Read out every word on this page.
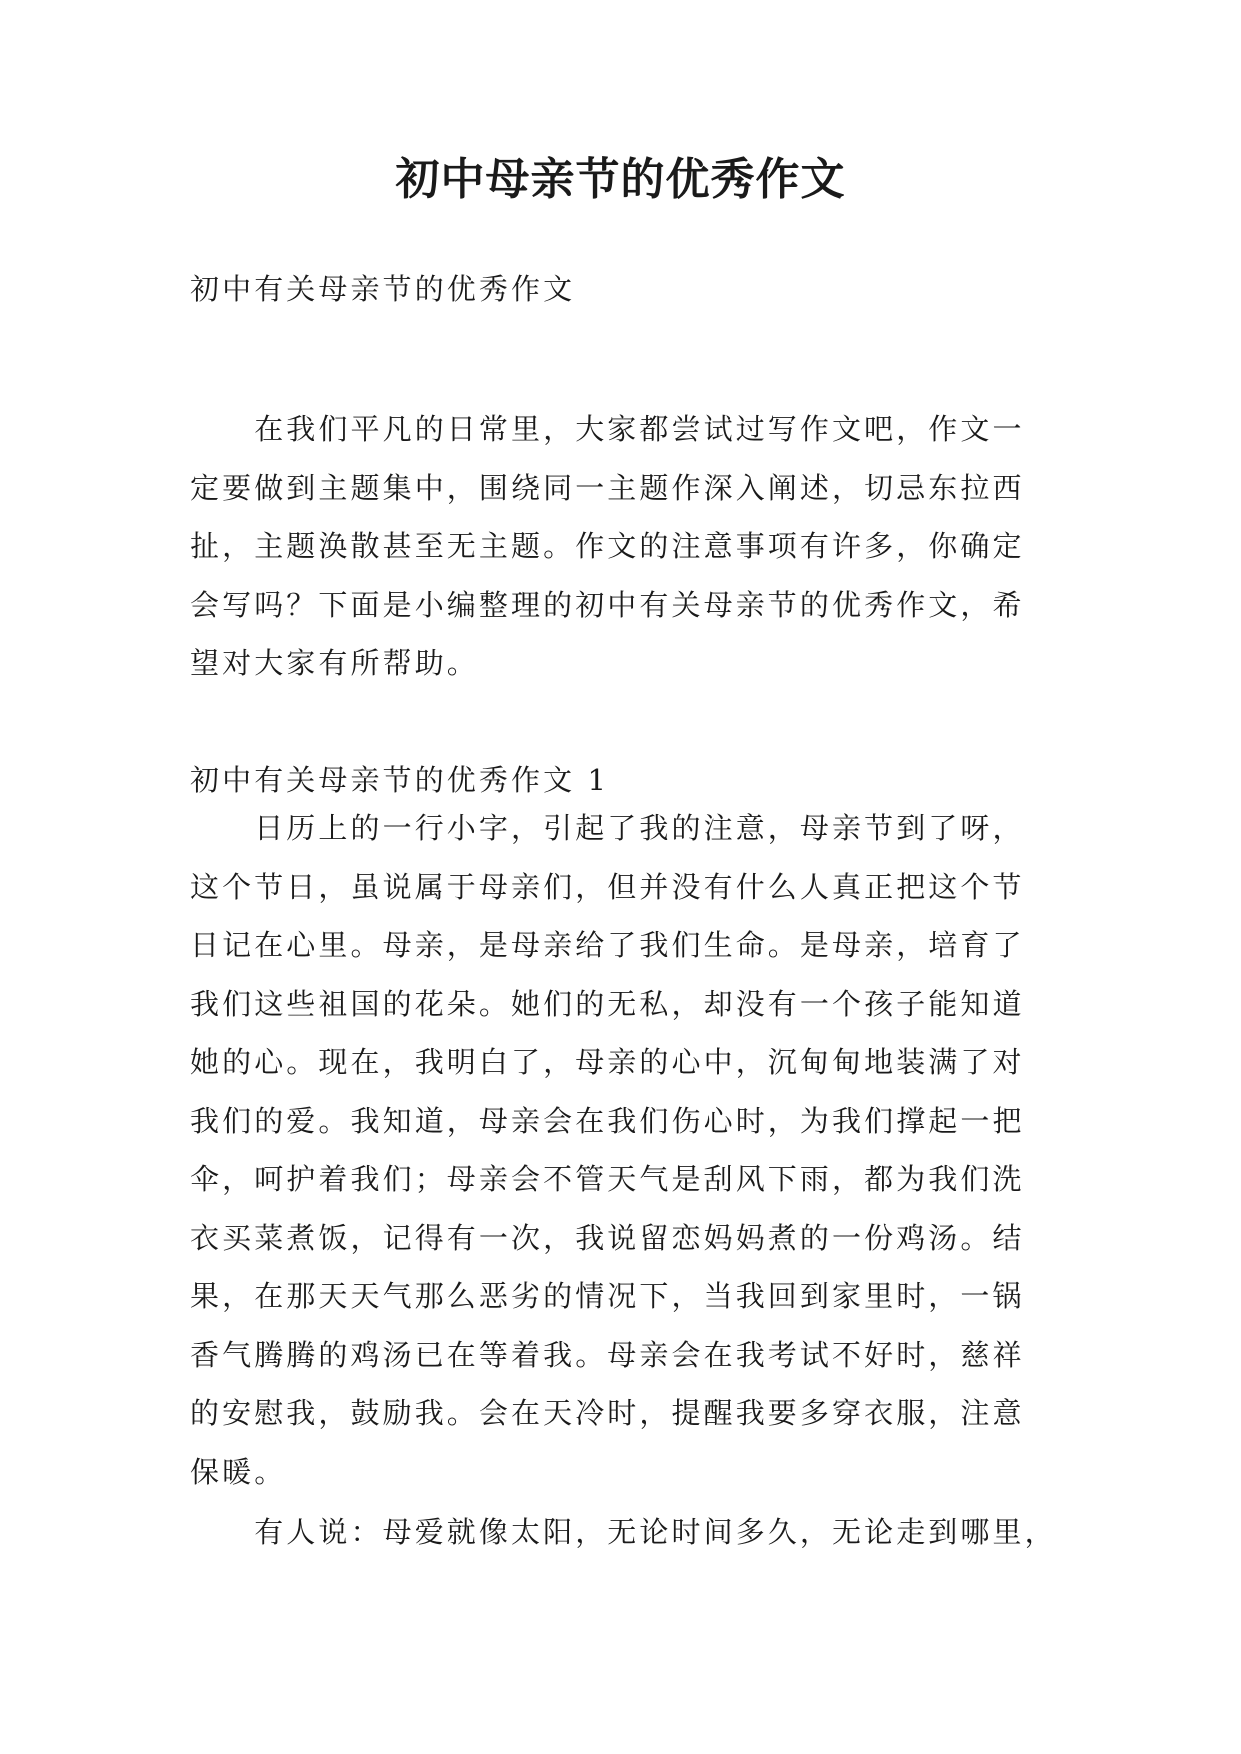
初中母亲节的优秀作文

初中有关母亲节的优秀作文

　　在我们平凡的日常里，大家都尝试过写作文吧，作文一
定要做到主题集中，围绕同一主题作深入阐述，切忌东拉西
扯，主题涣散甚至无主题。作文的注意事项有许多，你确定
会写吗？下面是小编整理的初中有关母亲节的优秀作文，希
望对大家有所帮助。

初中有关母亲节的优秀作文 1

　　日历上的一行小字，引起了我的注意，母亲节到了呀，
这个节日，虽说属于母亲们，但并没有什么人真正把这个节
日记在心里。母亲，是母亲给了我们生命。是母亲，培育了
我们这些祖国的花朵。她们的无私，却没有一个孩子能知道
她的心。现在，我明白了，母亲的心中，沉甸甸地装满了对
我们的爱。我知道，母亲会在我们伤心时，为我们撑起一把
伞，呵护着我们；母亲会不管天气是刮风下雨，都为我们洗
衣买菜煮饭，记得有一次，我说留恋妈妈煮的一份鸡汤。结
果，在那天天气那么恶劣的情况下，当我回到家里时，一锅
香气腾腾的鸡汤已在等着我。母亲会在我考试不好时，慈祥
的安慰我，鼓励我。会在天冷时，提醒我要多穿衣服，注意
保暖。
　　有人说：母爱就像太阳，无论时间多久，无论走到哪里，
